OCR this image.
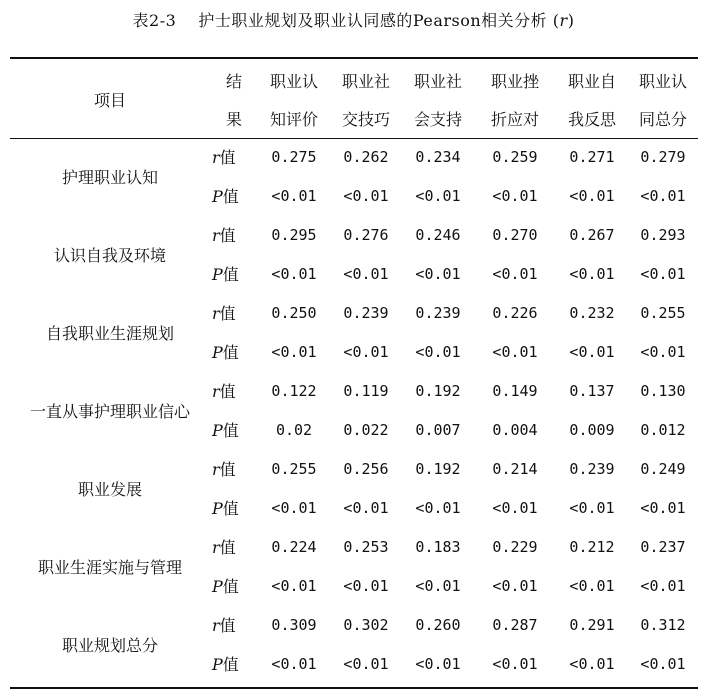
表2-3 护士职业规划及职业认同感的Pearson相关分析 (r)
项目	结	职业认	职业社	职业社	职业挫	职业自	职业认
	果	知评价	交技巧	会支持	折应对	我反思	同总分
护理职业认知	r值	0.275	0.262	0.234	0.259	0.271	0.279
	P值	<0.01	<0.01	<0.01	<0.01	<0.01	<0.01
认识自我及环境	r值	0.295	0.276	0.246	0.270	0.267	0.293
	P值	<0.01	<0.01	<0.01	<0.01	<0.01	<0.01
自我职业生涯规划	r值	0.250	0.239	0.239	0.226	0.232	0.255
	P值	<0.01	<0.01	<0.01	<0.01	<0.01	<0.01
一直从事护理职业信心	r值	0.122	0.119	0.192	0.149	0.137	0.130
	P值	0.02	0.022	0.007	0.004	0.009	0.012
职业发展	r值	0.255	0.256	0.192	0.214	0.239	0.249
	P值	<0.01	<0.01	<0.01	<0.01	<0.01	<0.01
职业生涯实施与管理	r值	0.224	0.253	0.183	0.229	0.212	0.237
	P值	<0.01	<0.01	<0.01	<0.01	<0.01	<0.01
职业规划总分	r值	0.309	0.302	0.260	0.287	0.291	0.312
	P值	<0.01	<0.01	<0.01	<0.01	<0.01	<0.01
